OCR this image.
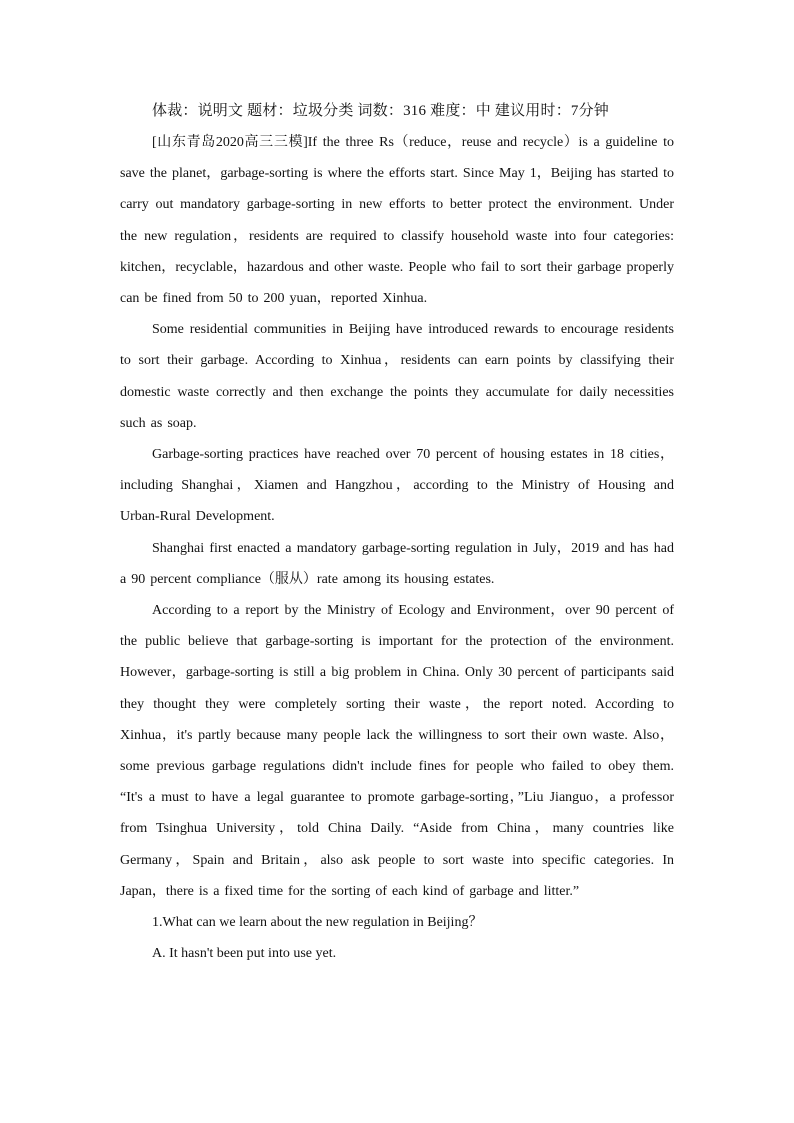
体裁：说明文 题材：垃圾分类 词数：316 难度：中 建议用时：7分钟

[山东青岛2020高三三模]If the three Rs（reduce，reuse and recycle）is a guideline to save the planet，garbage-sorting is where the efforts start. Since May 1，Beijing has started to carry out mandatory garbage-sorting in new efforts to better protect the environment. Under the new regulation，residents are required to classify household waste into four categories: kitchen，recyclable，hazardous and other waste. People who fail to sort their garbage properly can be fined from 50 to 200 yuan，reported Xinhua.

Some residential communities in Beijing have introduced rewards to encourage residents to sort their garbage. According to Xinhua，residents can earn points by classifying their domestic waste correctly and then exchange the points they accumulate for daily necessities such as soap.

Garbage-sorting practices have reached over 70 percent of housing estates in 18 cities，including Shanghai，Xiamen and Hangzhou，according to the Ministry of Housing and Urban-Rural Development.

Shanghai first enacted a mandatory garbage-sorting regulation in July，2019 and has had a 90 percent compliance（服从）rate among its housing estates.

According to a report by the Ministry of Ecology and Environment，over 90 percent of the public believe that garbage-sorting is important for the protection of the environment. However，garbage-sorting is still a big problem in China. Only 30 percent of participants said they thought they were completely sorting their waste，the report noted. According to Xinhua，it's partly because many people lack the willingness to sort their own waste. Also，some previous garbage regulations didn't include fines for people who failed to obey them. “It's a must to have a legal guarantee to promote garbage-sorting，”Liu Jianguo，a professor from Tsinghua University，told China Daily. “Aside from China，many countries like Germany，Spain and Britain，also ask people to sort waste into specific categories. In Japan，there is a fixed time for the sorting of each kind of garbage and litter.”

1.What can we learn about the new regulation in Beijing？

A. It hasn't been put into use yet.
